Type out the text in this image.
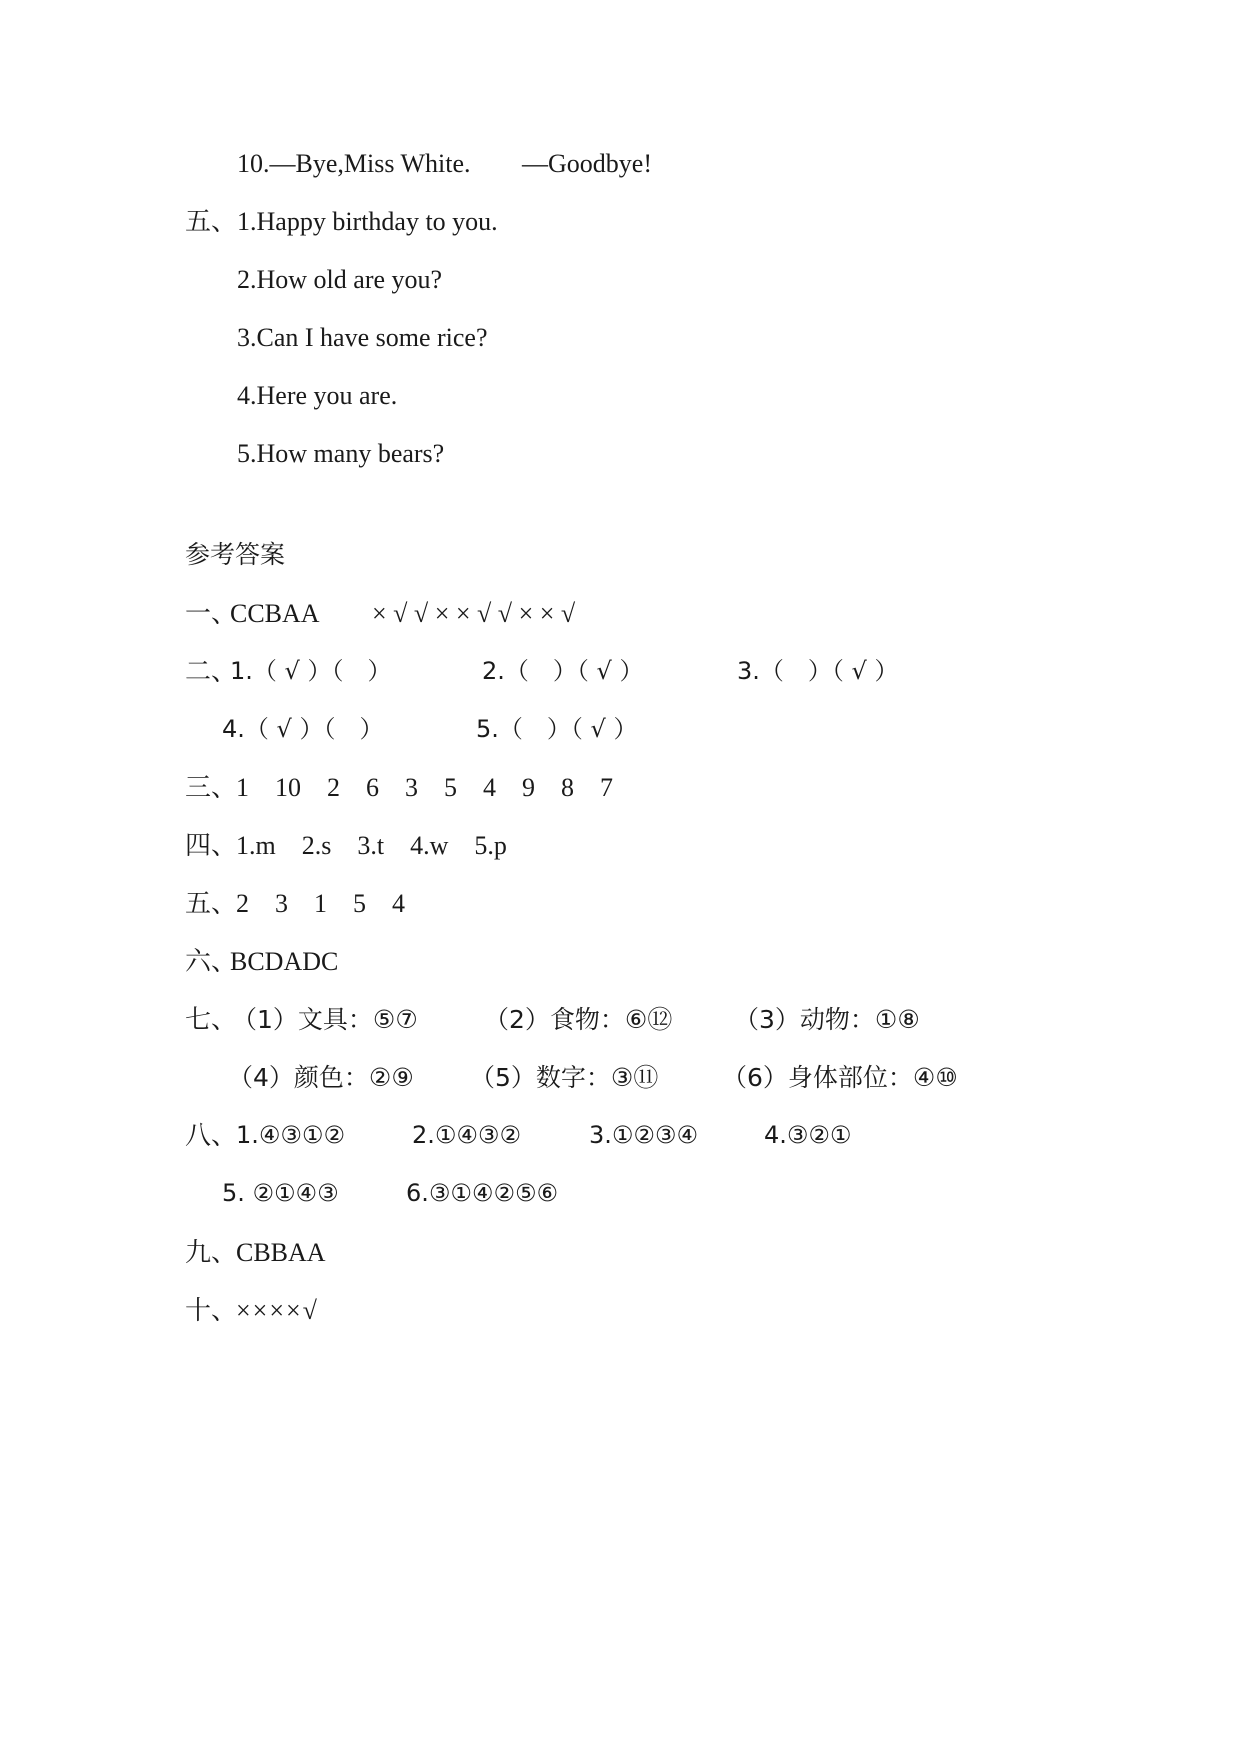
10.—Bye,Miss White. —Goodbye!
五、 1.Happy birthday to you.
2.How old are you?
3.Can I have some rice?
4.Here you are.
5.How many bears?
参考答案
一、
CCBAA × √ √ × × √ √ × × √
二、
1.（ √ ）（　）	2.（　）（ √ ）	3.（　）（ √ ）
4.（ √ ）（　）	5.（　）（ √ ）
三、
1　10　2　6　3　5　4　9　8　7
四、
1.m　2.s　3.t　4.w　5.p
五、
2　3　1　5　4
六、
BCDADC
七、
（1）文具：⑤⑦	（2）食物：⑥⑫ （3）动物：①⑧
（4）颜色：②⑨ （5）数字：③⑪	（6）身体部位：④⑩
八、
1.④③①②	2.①④③②	3.①②③④	4.③②①
5. ②①④③	6.③①④②⑤⑥
九、
CBBAA
十、
××××√
